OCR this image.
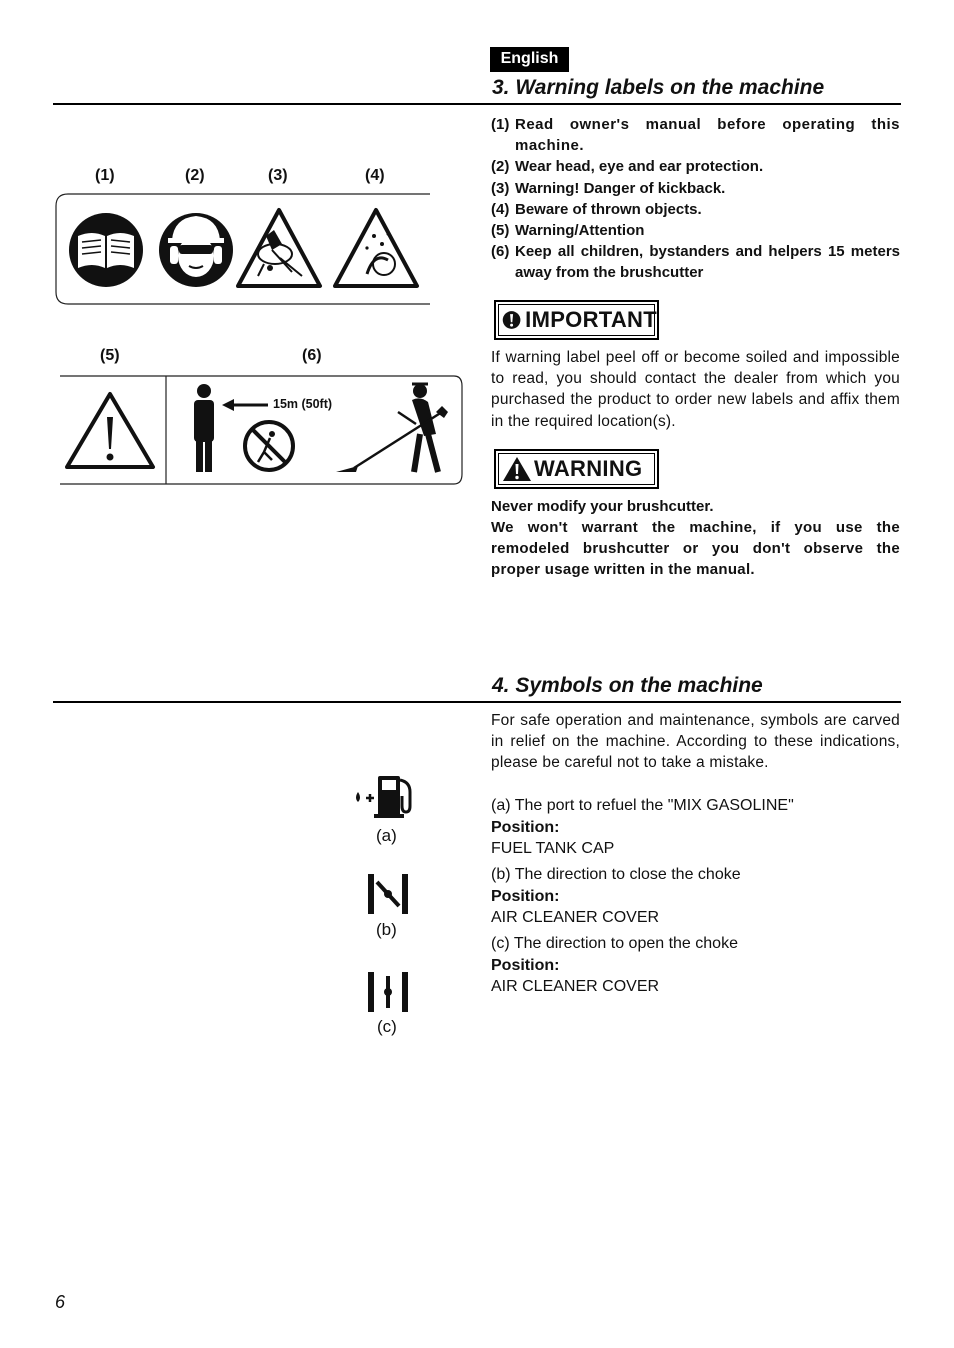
English
3. Warning labels on the machine
(1)	(2)	(3)	(4)
(5)	(6)
15m (50ft)
(1) Read owner's manual before operating this machine.
(2) Wear head, eye and ear protection.
(3) Warning! Danger of kickback.
(4) Beware of thrown objects.
(5) Warning/Attention
(6) Keep all children, bystanders and helpers 15 meters away from the brushcutter
IMPORTANT

If warning label peel off or become soiled and impossible to read, you should contact the dealer from which you purchased the product to order new labels and affix them in the required location(s).

WARNING

Never modify your brushcutter.

We won't warrant the machine, if you use the remodeled brushcutter or you don't observe the proper usage written in the manual.

4. Symbols on the machine

For safe operation and maintenance, symbols are carved in relief on the machine. According to these indications, please be careful not to take a mistake.

(a)
(b)
(c)

(a) The port to refuel the "MIX GASOLINE"

Position:

FUEL TANK CAP

(b) The direction to close the choke

Position:

AIR CLEANER COVER

(c) The direction to open the choke

Position:

AIR CLEANER COVER

6
